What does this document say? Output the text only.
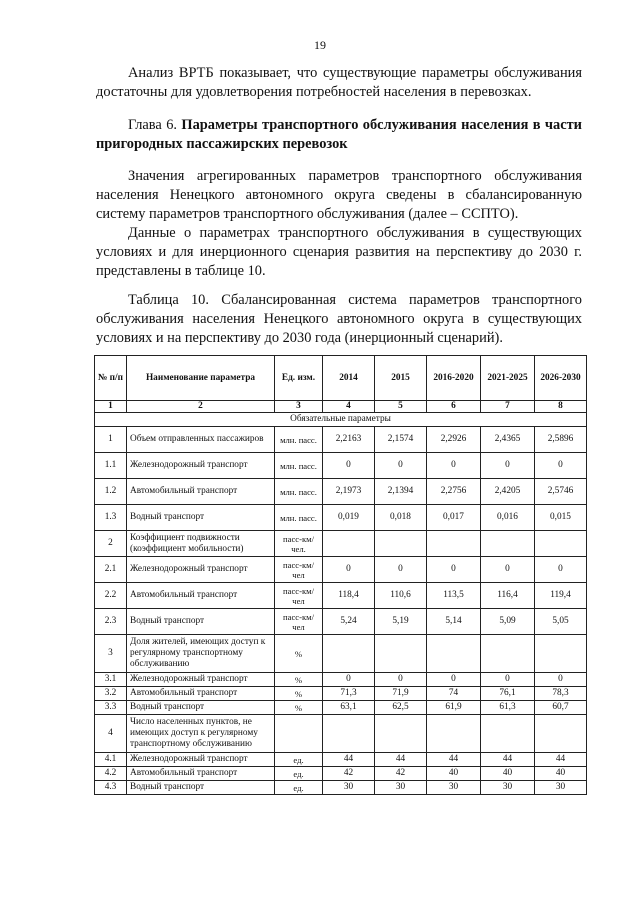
19

Анализ ВРТБ показывает, что существующие параметры обслуживания достаточны для удовлетворения потребностей населения в перевозках.

Глава 6. Параметры транспортного обслуживания населения в части пригородных пассажирских перевозок

Значения агрегированных параметров транспортного обслуживания населения Ненецкого автономного округа сведены в сбалансированную систему параметров транспортного обслуживания (далее – ССПТО).

Данные о параметрах транспортного обслуживания в существующих условиях и для инерционного сценария развития на перспективу до 2030 г. представлены в таблице 10.

Таблица 10. Сбалансированная система параметров транспортного обслуживания населения Ненецкого автономного округа в существующих условиях и на перспективу до 2030 года (инерционный сценарий).

№ п/п	Наименование параметра	Ед. изм.	2014	2015	2016-2020	2021-2025	2026-2030
1	2	3	4	5	6	7	8
Обязательные параметры							
1	Объем отправленных пассажиров	млн. пасс.	2,2163	2,1574	2,2926	2,4365	2,5896
1.1	Железнодорожный транспорт	млн. пасс.	0	0	0	0	0
1.2	Автомобильный транспорт	млн. пасс.	2,1973	2,1394	2,2756	2,4205	2,5746
1.3	Водный транспорт	млн. пасс.	0,019	0,018	0,017	0,016	0,015
2	Коэффициент подвижности (коэффициент мобильности)	пасс-км/чел.					
2.1	Железнодорожный транспорт	пасс-км/чел	0	0	0	0	0
2.2	Автомобильный транспорт	пасс-км/чел	118,4	110,6	113,5	116,4	119,4
2.3	Водный транспорт	пасс-км/чел	5,24	5,19	5,14	5,09	5,05
3	Доля жителей, имеющих доступ к регулярному транспортному обслуживанию	%					
3.1	Железнодорожный транспорт	%	0	0	0	0	0
3.2	Автомобильный транспорт	%	71,3	71,9	74	76,1	78,3
3.3	Водный транспорт	%	63,1	62,5	61,9	61,3	60,7
4	Число населенных пунктов, не имеющих доступ к регулярному транспортному обслуживанию						
4.1	Железнодорожный транспорт	ед.	44	44	44	44	44
4.2	Автомобильный транспорт	ед.	42	42	40	40	40
4.3	Водный транспорт	ед.	30	30	30	30	30
